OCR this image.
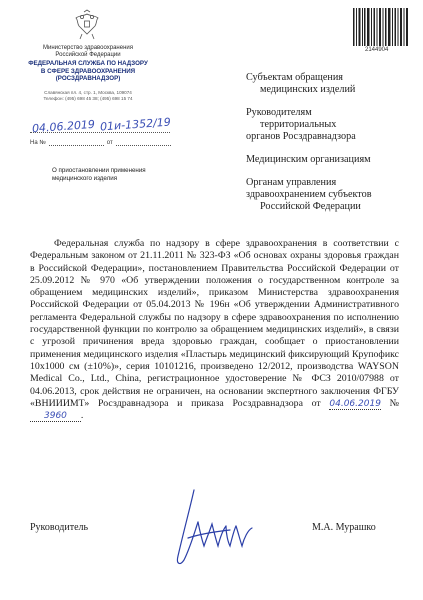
Министерство здравоохранения
Российской Федерации
ФЕДЕРАЛЬНАЯ СЛУЖБА ПО НАДЗОРУ
В СФЕРЕ ЗДРАВООХРАНЕНИЯ
(РОСЗДРАВНАДЗОР)
Славянская пл. 4, стр. 1, Москва, 109074
Телефон: (495) 698 45 38; (495) 698 15 74
04.06.2019 01и-1352/19
На №	от
О приостановлении применения
медицинского изделия
2144904
Субъектам обращения
медицинских изделий
Руководителям
территориальных
органов Росздравнадзора
Медицинским организациям
Органам управления
здравоохранением субъектов
Российской Федерации

Федеральная служба по надзору в сфере здравоохранения в соответствии с Федеральным законом от 21.11.2011 № 323-ФЗ «Об основах охраны здоровья граждан в Российской Федерации», постановлением Правительства Российской Федерации от 25.09.2012 № 970 «Об утверждении положения о государственном контроле за обращением медицинских изделий», приказом Министерства здравоохранения Российской Федерации от 05.04.2013 № 196н «Об утверждении Административного регламента Федеральной службы по надзору в сфере здравоохранения по исполнению государственной функции по контролю за обращением медицинских изделий», в связи с угрозой причинения вреда здоровью граждан, сообщает о приостановлении применения медицинского изделия «Пластырь медицинский фиксирующий Крупофикс 10x1000 см (±10%)», серия 10101216, произведено 12/2012, производства WAYSON Medical Co., Ltd., China, регистрационное удостоверение № ФСЗ 2010/07988 от 04.06.2013, срок действия не ограничен, на основании экспертного заключения ФГБУ «ВНИИИМТ» Росздравнадзора и приказа Росздравнадзора от 04.06.2019 № 3960 .

Руководитель	М.А. Мурашко
